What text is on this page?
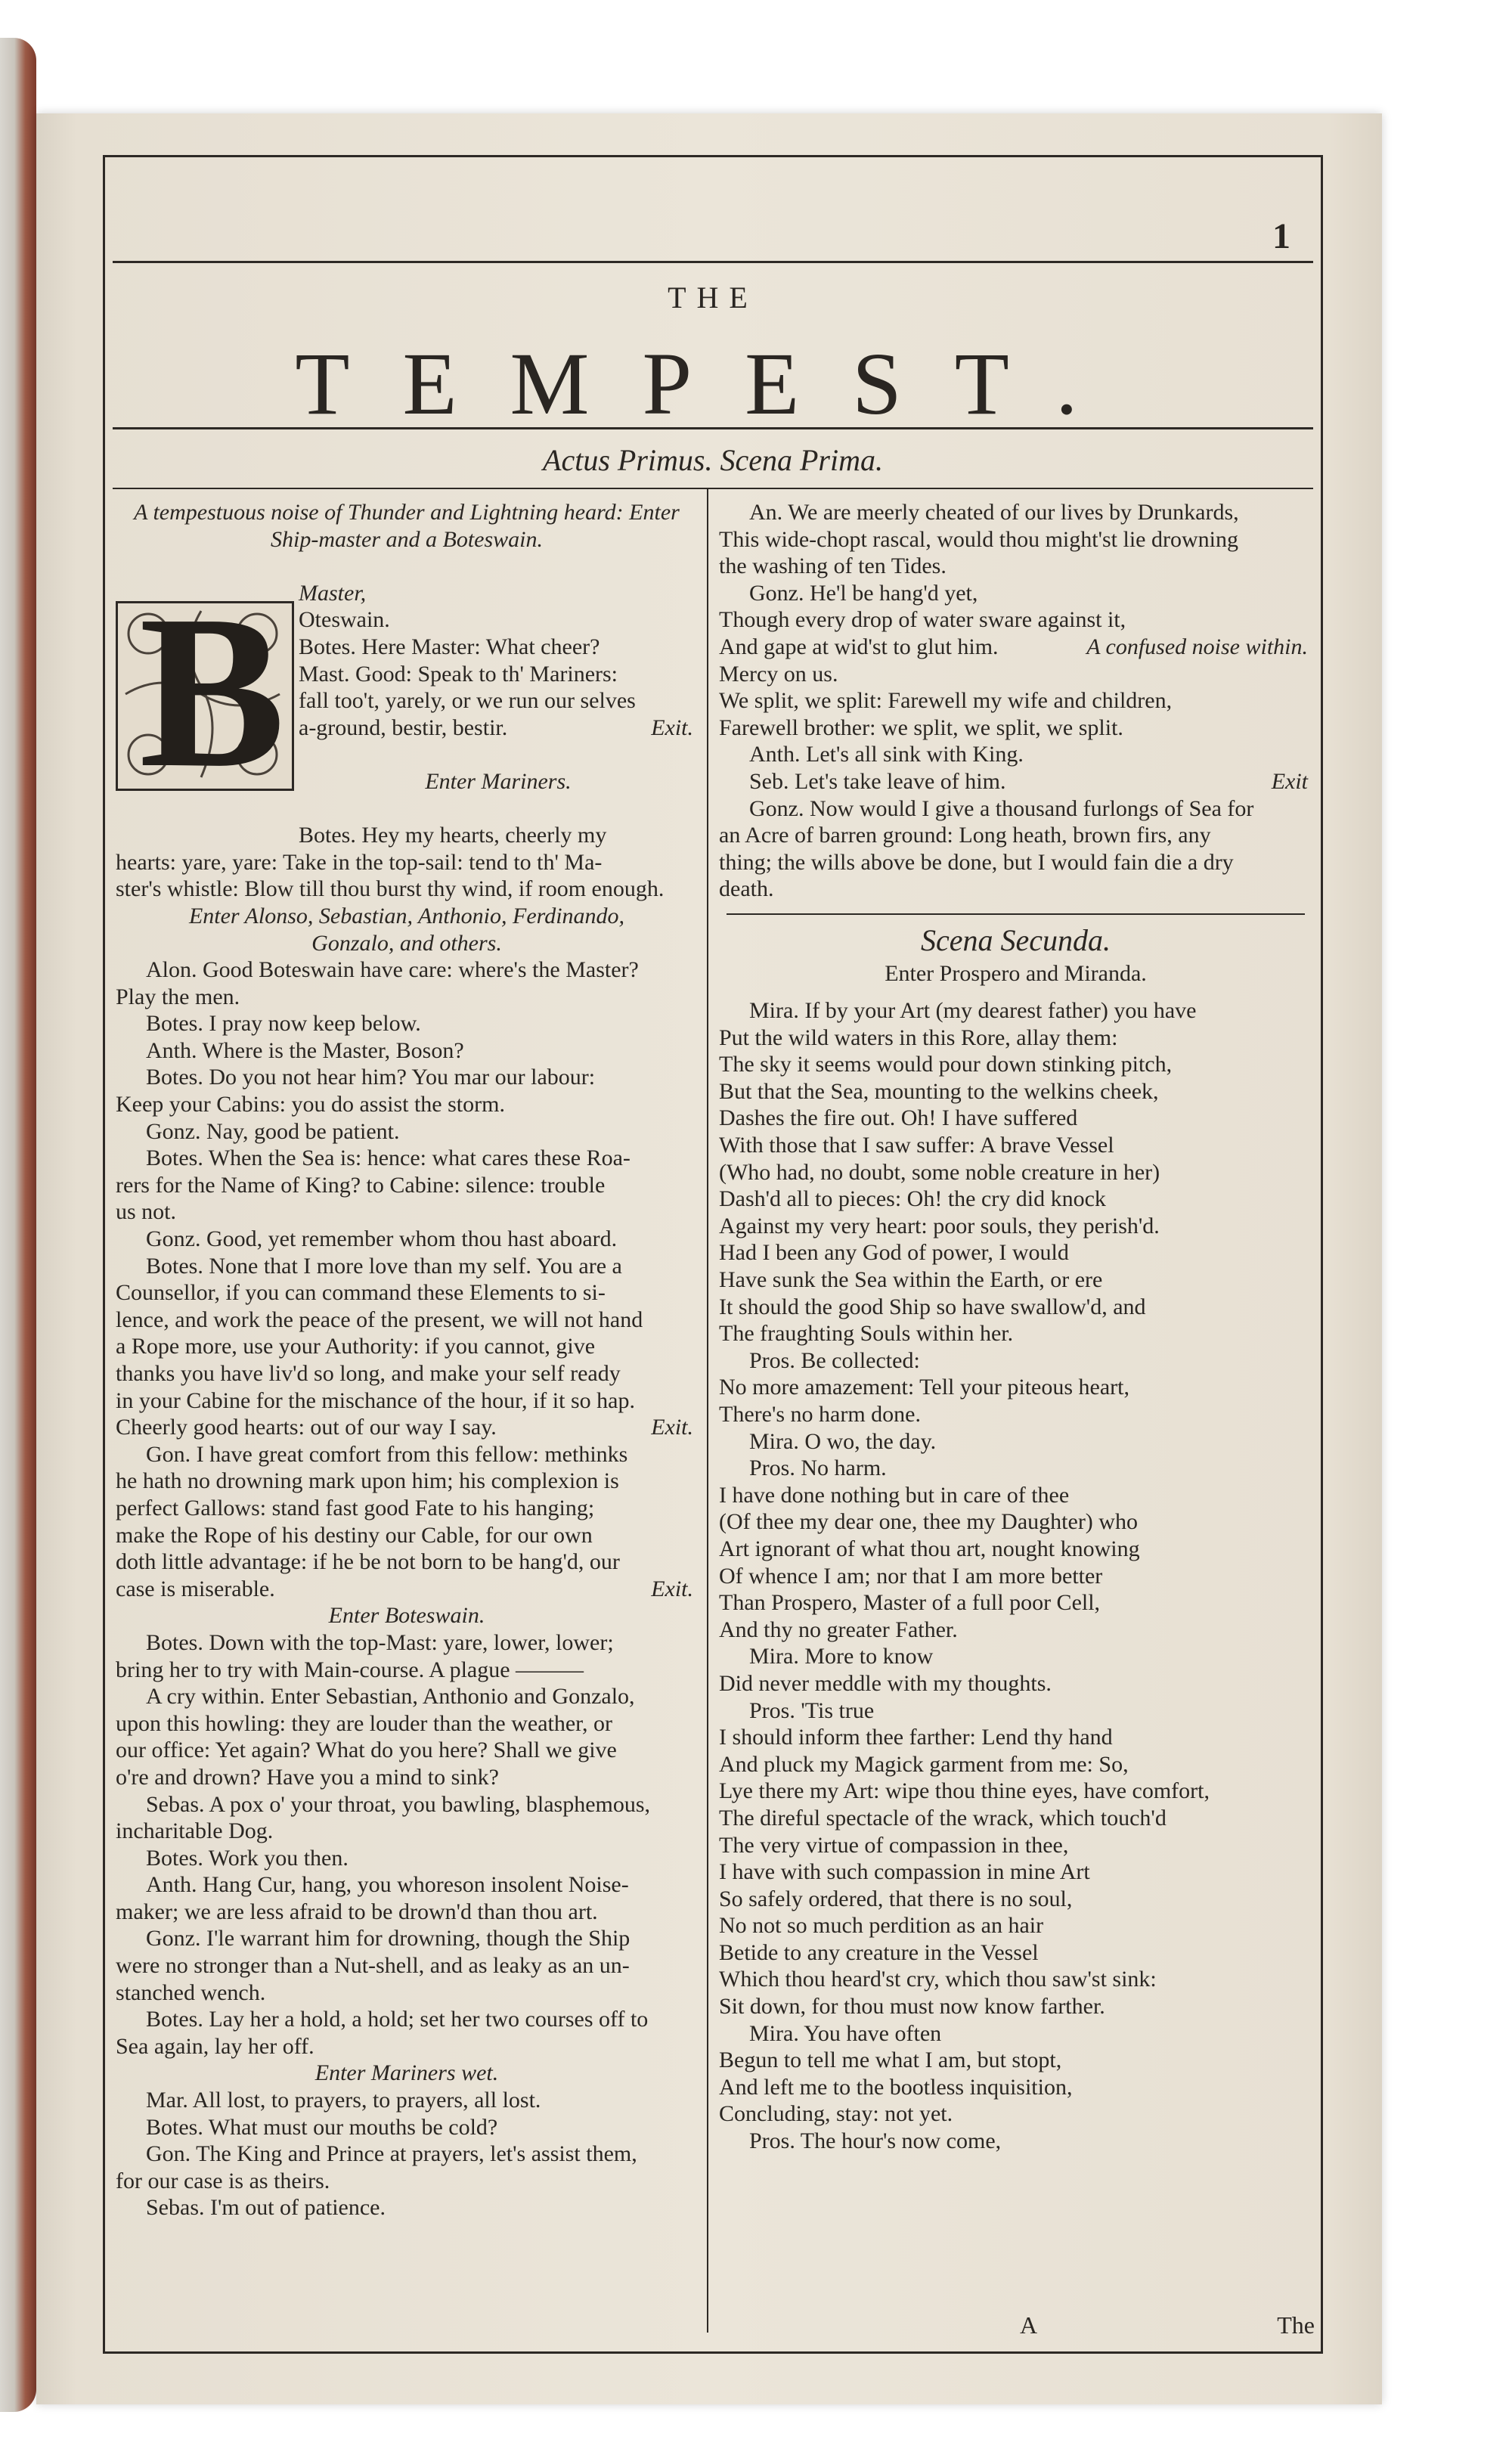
1
THE
TEMPEST.
Actus Primus. Scena Prima.
B
A tempestuous noise of Thunder and Lightning heard: Enter
Ship-master and a Boteswain.
Master,
Oteswain.
Botes. Here Master: What cheer?
Mast. Good: Speak to th' Mariners:
fall too't, yarely, or we run our selves
Exit.
a-ground, bestir, bestir.
Enter Mariners.
Botes. Hey my hearts, cheerly my
hearts: yare, yare: Take in the top-sail: tend to th' Ma-
ster's whistle: Blow till thou burst thy wind, if room enough.
Enter Alonso, Sebastian, Anthonio, Ferdinando,
Gonzalo, and others.
Alon. Good Boteswain have care: where's the Master?
Play the men.
Botes. I pray now keep below.
Anth. Where is the Master, Boson?
Botes. Do you not hear him? You mar our labour:
Keep your Cabins: you do assist the storm.
Gonz. Nay, good be patient.
Botes. When the Sea is: hence: what cares these Roa-
rers for the Name of King? to Cabine: silence: trouble
us not.
Gonz. Good, yet remember whom thou hast aboard.
Botes. None that I more love than my self. You are a
Counsellor, if you can command these Elements to si-
lence, and work the peace of the present, we will not hand
a Rope more, use your Authority: if you cannot, give
thanks you have liv'd so long, and make your self ready
in your Cabine for the mischance of the hour, if it so hap.
Exit.
Cheerly good hearts: out of our way I say.
Gon. I have great comfort from this fellow: methinks
he hath no drowning mark upon him; his complexion is
perfect Gallows: stand fast good Fate to his hanging;
make the Rope of his destiny our Cable, for our own
doth little advantage: if he be not born to be hang'd, our
Exit.
case is miserable.
Enter Boteswain.
Botes. Down with the top-Mast: yare, lower, lower;
bring her to try with Main-course. A plague ———
A cry within. Enter Sebastian, Anthonio and Gonzalo,
upon this howling: they are louder than the weather, or
our office: Yet again? What do you here? Shall we give
o're and drown? Have you a mind to sink?
Sebas. A pox o' your throat, you bawling, blasphemous,
incharitable Dog.
Botes. Work you then.
Anth. Hang Cur, hang, you whoreson insolent Noise-
maker; we are less afraid to be drown'd than thou art.
Gonz. I'le warrant him for drowning, though the Ship
were no stronger than a Nut-shell, and as leaky as an un-
stanched wench.
Botes. Lay her a hold, a hold; set her two courses off to
Sea again, lay her off.
Enter Mariners wet.
Mar. All lost, to prayers, to prayers, all lost.
Botes. What must our mouths be cold?
Gon. The King and Prince at prayers, let's assist them,
for our case is as theirs.
Sebas. I'm out of patience.
An. We are meerly cheated of our lives by Drunkards,
This wide-chopt rascal, would thou might'st lie drowning
the washing of ten Tides.
Gonz. He'l be hang'd yet,
Though every drop of water sware against it,
A confused noise within.
And gape at wid'st to glut him.
Mercy on us.
We split, we split: Farewell my wife and children,
Farewell brother: we split, we split, we split.
Anth. Let's all sink with King.
Exit
Seb. Let's take leave of him.
Gonz. Now would I give a thousand furlongs of Sea for
an Acre of barren ground: Long heath, brown firs, any
thing; the wills above be done, but I would fain die a dry
death.
Scena Secunda.
Enter Prospero and Miranda.
Mira. If by your Art (my dearest father) you have
Put the wild waters in this Rore, allay them:
The sky it seems would pour down stinking pitch,
But that the Sea, mounting to the welkins cheek,
Dashes the fire out. Oh! I have suffered
With those that I saw suffer: A brave Vessel
(Who had, no doubt, some noble creature in her)
Dash'd all to pieces: Oh! the cry did knock
Against my very heart: poor souls, they perish'd.
Had I been any God of power, I would
Have sunk the Sea within the Earth, or ere
It should the good Ship so have swallow'd, and
The fraughting Souls within her.
Pros. Be collected:
No more amazement: Tell your piteous heart,
There's no harm done.
Mira. O wo, the day.
Pros. No harm.
I have done nothing but in care of thee
(Of thee my dear one, thee my Daughter) who
Art ignorant of what thou art, nought knowing
Of whence I am; nor that I am more better
Than Prospero, Master of a full poor Cell,
And thy no greater Father.
Mira. More to know
Did never meddle with my thoughts.
Pros. 'Tis true
I should inform thee farther: Lend thy hand
And pluck my Magick garment from me: So,
Lye there my Art: wipe thou thine eyes, have comfort,
The direful spectacle of the wrack, which touch'd
The very virtue of compassion in thee,
I have with such compassion in mine Art
So safely ordered, that there is no soul,
No not so much perdition as an hair
Betide to any creature in the Vessel
Which thou heard'st cry, which thou saw'st sink:
Sit down, for thou must now know farther.
Mira. You have often
Begun to tell me what I am, but stopt,
And left me to the bootless inquisition,
Concluding, stay: not yet.
Pros. The hour's now come,
A	The
